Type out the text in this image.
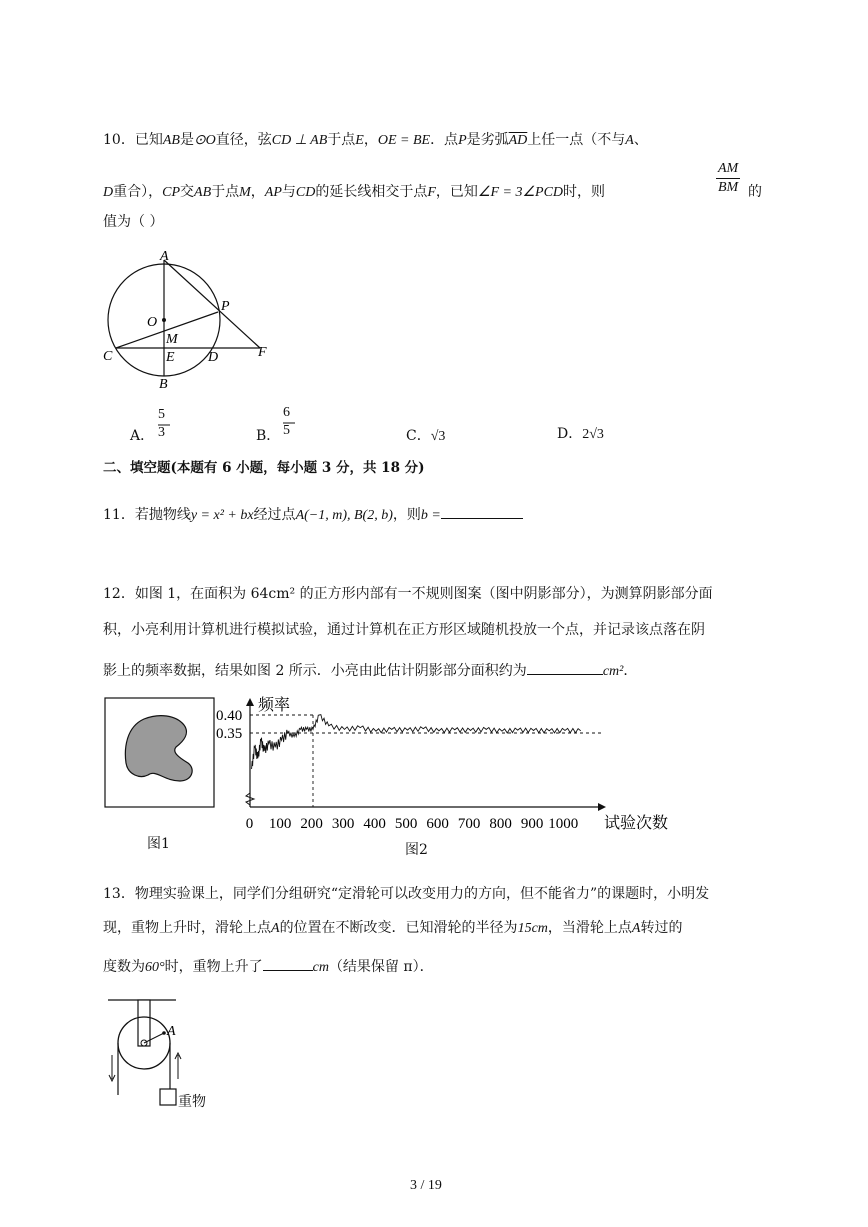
10．已知AB是⊙O直径，弦CD ⊥ AB于点E，OE = BE．点P是劣弧$\overline{AD}$上任一点（不与A、
D重合），CP交AB于点M，AP与CD的延长线相交于点F，已知∠F = 3∠PCD时，则	$\frac{AM}{BM}$ 的
值为（ ）
A
O
P
M
C	E D	F
B
A．
5
3	B．
6
5	C．√3	D．2√3
二、填空题(本题有 6 小题，每小题 3 分，共 18 分)
11．若抛物线y = x² + bx经过点A(−1, m), B(2, b)，则b =
12．如图 1，在面积为 64cm² 的正方形内部有一不规则图案（图中阴影部分），为测算阴影部分面
积，小亮利用计算机进行模拟试验，通过计算机在正方形区域随机投放一个点，并记录该点落在阴
影上的频率数据，结果如图 2 所示．小亮由此估计阴影部分面积约为	cm²．
图1
频率
0.40
0.35
0 100 200 300 400 500 600 700 800 900 1000 试验次数
图2
13．物理实验课上，同学们分组研究“定滑轮可以改变用力的方向，但不能省力”的课题时，小明发
现，重物上升时，滑轮上点A的位置在不断改变．已知滑轮的半径为15cm，当滑轮上点A转过的
度数为60°时，重物上升了	cm（结果保留 π）．
A
重物
3 / 19
